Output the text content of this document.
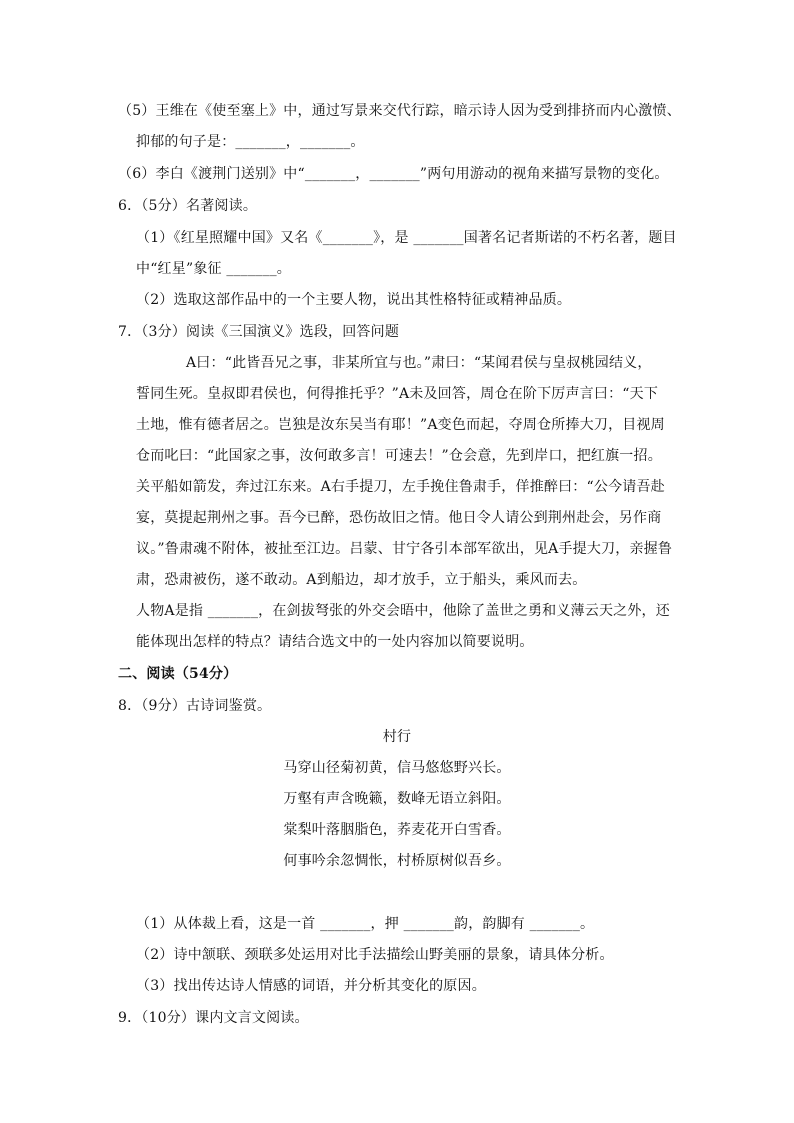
（5）王维在《使至塞上》中，通过写景来交代行踪，暗示诗人因为受到排挤而内心激愤、
抑郁的句子是：_______，_______。
（6）李白《渡荆门送别》中“_______，_______”两句用游动的视角来描写景物的变化。
6．（5分）名著阅读。
（1）《红星照耀中国》又名《_______》，是 _______国著名记者斯诺的不朽名著，题目
中“红星”象征 _______。
（2）选取这部作品中的一个主要人物，说出其性格特征或精神品质。
7．（3分）阅读《三国演义》选段，回答问题
A曰：“此皆吾兄之事，非某所宜与也。”肃曰：“某闻君侯与皇叔桃园结义，
誓同生死。皇叔即君侯也，何得推托乎？”A未及回答，周仓在阶下厉声言曰：“天下
土地，惟有德者居之。岂独是汝东吴当有耶！”A变色而起，夺周仓所捧大刀，目视周
仓而叱曰：“此国家之事，汝何敢多言！可速去！”仓会意，先到岸口，把红旗一招。
关平船如箭发，奔过江东来。A右手提刀，左手挽住鲁肃手，佯推醉曰：“公今请吾赴
宴，莫提起荆州之事。吾今已醉，恐伤故旧之情。他日令人请公到荆州赴会，另作商
议。”鲁肃魂不附体，被扯至江边。吕蒙、甘宁各引本部军欲出，见A手提大刀，亲握鲁
肃，恐肃被伤，遂不敢动。A到船边，却才放手，立于船头，乘风而去。
人物A是指 _______，在剑拔弩张的外交会晤中，他除了盖世之勇和义薄云天之外，还
能体现出怎样的特点？请结合选文中的一处内容加以简要说明。
二、阅读（54分）
8．（9分）古诗词鉴赏。
村行
马穿山径菊初黄，信马悠悠野兴长。
万壑有声含晚籁，数峰无语立斜阳。
棠梨叶落胭脂色，荞麦花开白雪香。
何事吟余忽惆怅，村桥原树似吾乡。
（1）从体裁上看，这是一首 _______，押 _______韵，韵脚有 _______。
（2）诗中颔联、颈联多处运用对比手法描绘山野美丽的景象，请具体分析。
（3）找出传达诗人情感的词语，并分析其变化的原因。
9．（10分）课内文言文阅读。
